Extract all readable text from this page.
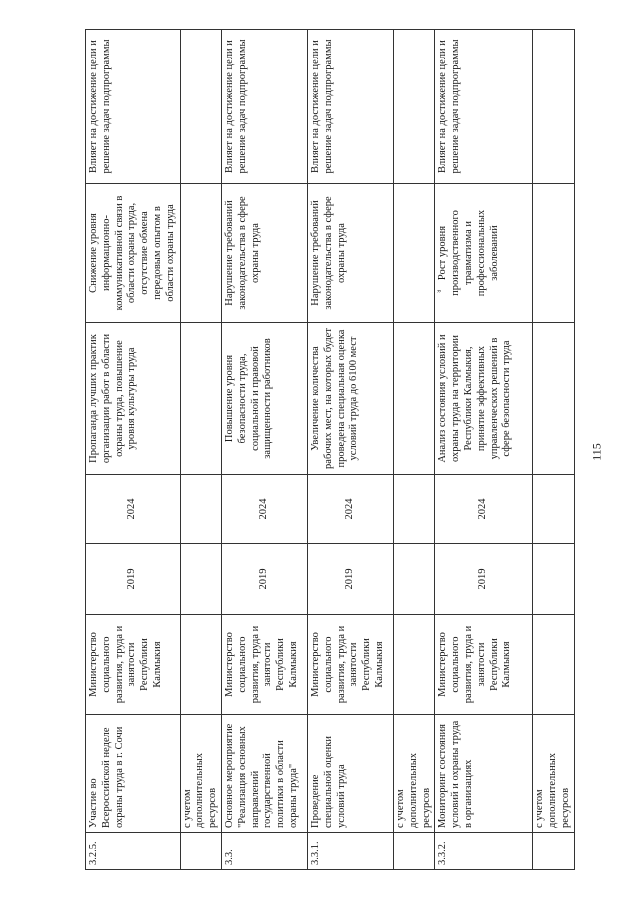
115
„
3.2.5.	Участие во Всероссийской неделе охраны труда в г. Сочи	Министерство социального развития, труда и занятости Республики Калмыкия	2019	2024	Пропаганда лучших практик организации работ в области охраны труда, повышение уровня культуры труда	Снижение уровня информационно-коммуникативной связи в области охраны труда, отсутствие обмена передовым опытом в области охраны труда	Влияет на достижение цели и решение задач подпрограммы
	с учетом дополнительных ресурсов						
3.3.	Основное мероприятие "Реализация основных направлений государственной политики в области охраны труда"	Министерство социального развития, труда и занятости Республики Калмыкия	2019	2024	Повышение уровня безопасности труда, социальной и правовой защищенности работников	Нарушение требований законодательства в сфере охраны труда	Влияет на достижение цели и решение задач подпрограммы
3.3.1.	Проведение специальной оценки условий труда	Министерство социального развития, труда и занятости Республики Калмыкия	2019	2024	Увеличение количества рабочих мест, на которых будет проведена специальная оценка условий труда до 6100 мест	Нарушение требований законодательства в сфере охраны труда	Влияет на достижение цели и решение задач подпрограммы
	с учетом дополнительных ресурсов						
3.3.2.	Мониторинг состояния условий и охраны труда в организациях	Министерство социального развития, труда и занятости Республики Калмыкия	2019	2024	Анализ состояния условий и охраны труда на территории Республики Калмыкия, принятие эффективных управленческих решений в сфере безопасности труда	Рост уровня производственного травматизма и профессиональных заболеваний	Влияет на достижение цели и решение задач подпрограммы
	с учетом дополнительных ресурсов						
